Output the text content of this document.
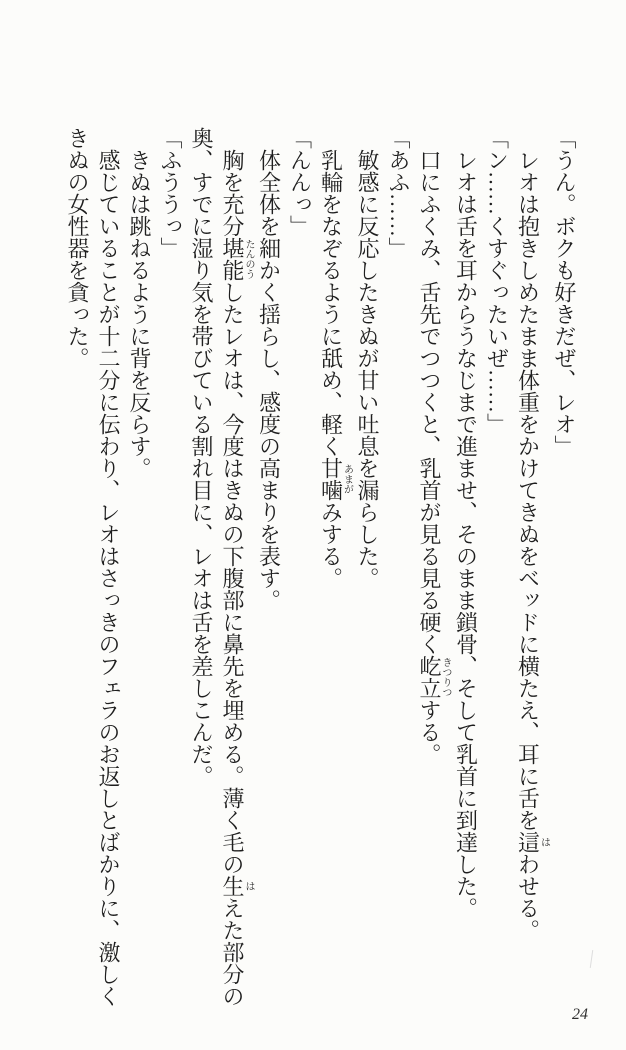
「うん。ボクも好きだぜ、レオ」

レオは抱きしめたまま体重をかけてきぬをベッドに横たえ、耳に舌を這はわせる。

「ン……くすぐったいぜ……」

レオは舌を耳からうなじまで進ませ、そのまま鎖骨、そして乳首に到達した。

口にふくみ、舌先でつつくと、乳首が見る見る硬く屹立きつりつする。

「あふ……」

敏感に反応したきぬが甘い吐息を漏らした。

乳輪をなぞるように舐め、軽く甘噛あまがみする。

「んんっ」

体全体を細かく揺らし、感度の高まりを表す。

胸を充分堪能たんのうしたレオは、今度はきぬの下腹部に鼻先を埋める。薄く毛の生はえた部分の奥、すでに湿り気を帯びている割れ目に、レオは舌を差しこんだ。

「ふううっ」

きぬは跳ねるように背を反らす。

感じていることが十二分に伝わり、レオはさっきのフェラのお返しとばかりに、激しくきぬの女性器を貪った。

24
